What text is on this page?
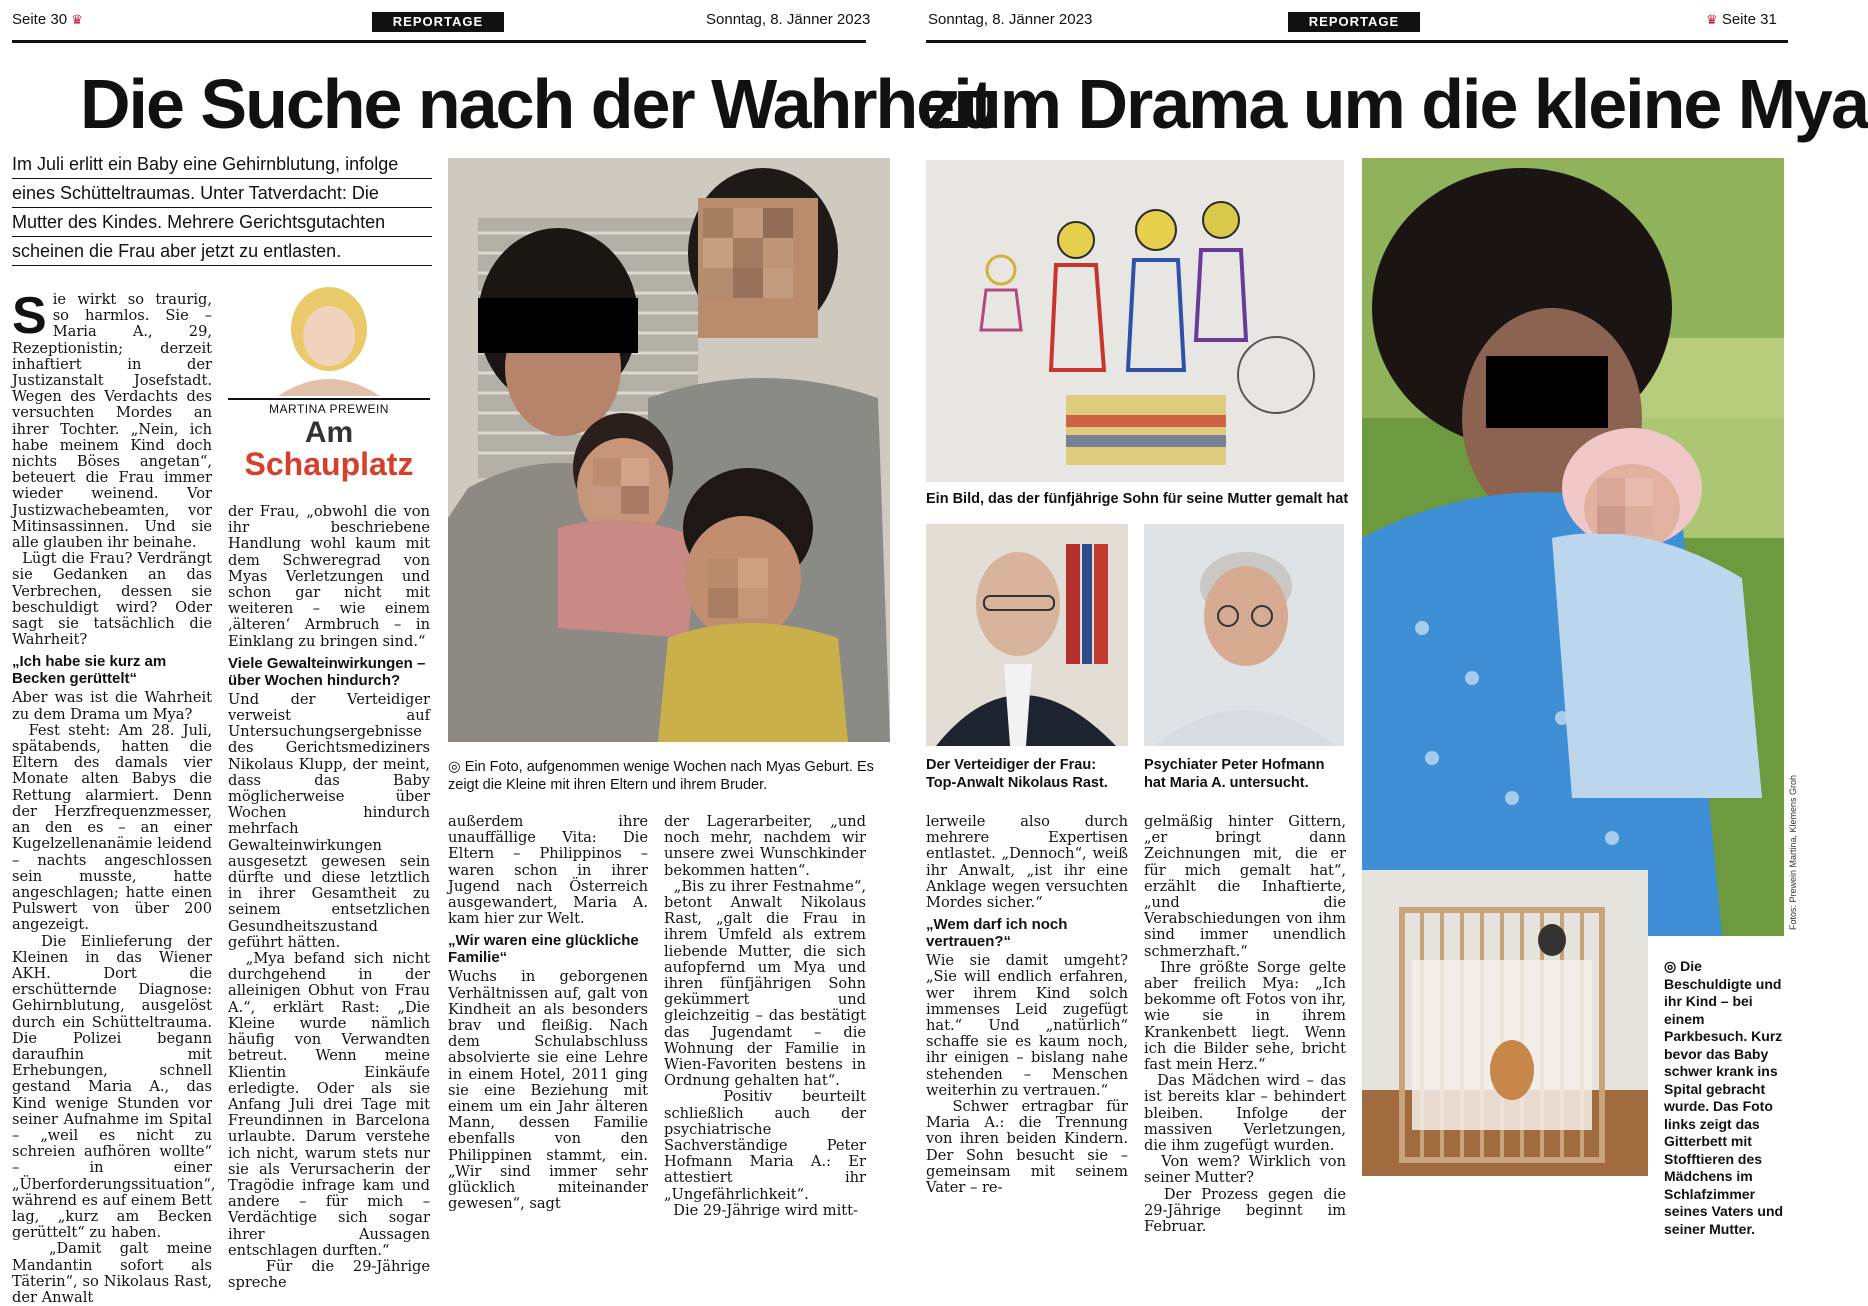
Seite 30 ♛	REPORTAGE	Sonntag, 8. Jänner 2023	Sonntag, 8. Jänner 2023	REPORTAGE	♛ Seite 31
Die Suche nach der Wahrheit
zum Drama um die kleine Mya
Im Juli erlitt ein Baby eine Gehirnblutung, infolge
eines Schütteltraumas. Unter Tatverdacht: Die
Mutter des Kindes. Mehrere Gerichtsgutachten
scheinen die Frau aber jetzt zu entlasten.
◎ Ein Foto, aufgenommen wenige Wochen nach Myas Geburt. Es zeigt die Kleine mit ihren Eltern und ihrem Bruder.
MARTINA PREWEIN
Am
Schauplatz

Sie wirkt so traurig, so harmlos. Sie – Maria A., 29, Rezeptionistin; derzeit inhaftiert in der Justizanstalt Josefstadt. Wegen des Verdachts des versuchten Mordes an ihrer Tochter. „Nein, ich habe meinem Kind doch nichts Böses angetan“, beteuert die Frau immer wieder weinend. Vor Justizwachebeamten, vor Mitinsassinnen. Und sie alle glauben ihr beinahe.

Lügt die Frau? Verdrängt sie Gedanken an das Verbrechen, dessen sie beschuldigt wird? Oder sagt sie tatsächlich die Wahrheit?

„Ich habe sie kurz am Becken gerüttelt“

Aber was ist die Wahrheit zu dem Drama um Mya?

Fest steht: Am 28. Juli, spätabends, hatten die Eltern des damals vier Monate alten Babys die Rettung alarmiert. Denn der Herzfrequenzmesser, an den es – an einer Kugelzellenanämie leidend – nachts angeschlossen sein musste, hatte angeschlagen; hatte einen Pulswert von über 200 angezeigt.

Die Einlieferung der Kleinen in das Wiener AKH. Dort die erschütternde Diagnose: Gehirnblutung, ausgelöst durch ein Schütteltrauma. Die Polizei begann daraufhin mit Erhebungen, schnell gestand Maria A., das Kind wenige Stunden vor seiner Aufnahme im Spital – „weil es nicht zu schreien aufhören wollte“ – in einer „Überforderungssituation“, während es auf einem Bett lag, „kurz am Becken gerüttelt“ zu haben.

„Damit galt meine Mandantin sofort als Täterin“, so Nikolaus Rast, der Anwalt

der Frau, „obwohl die von ihr beschriebene Handlung wohl kaum mit dem Schweregrad von Myas Verletzungen und schon gar nicht mit weiteren – wie einem ‚älteren‘ Armbruch – in Einklang zu bringen sind.“

Viele Gewalteinwirkungen – über Wochen hindurch?

Und der Verteidiger verweist auf Untersuchungsergebnisse des Gerichtsmediziners Nikolaus Klupp, der meint, dass das Baby möglicherweise über Wochen hindurch mehrfach Gewalteinwirkungen ausgesetzt gewesen sein dürfte und diese letztlich in ihrer Gesamtheit zu seinem entsetzlichen Gesundheitszustand geführt hätten.

„Mya befand sich nicht durchgehend in der alleinigen Obhut von Frau A.“, erklärt Rast: „Die Kleine wurde nämlich häufig von Verwandten betreut. Wenn meine Klientin Einkäufe erledigte. Oder als sie Anfang Juli drei Tage mit Freundinnen in Barcelona urlaubte. Darum verstehe ich nicht, warum stets nur sie als Verursacherin der Tragödie infrage kam und andere – für mich – Verdächtige sich sogar ihrer Aussagen entschlagen durften.“

Für die 29-Jährige spreche

außerdem ihre unauffällige Vita: Die Eltern – Philippinos – waren schon in ihrer Jugend nach Österreich ausgewandert, Maria A. kam hier zur Welt.

„Wir waren eine glückliche Familie“

Wuchs in geborgenen Verhältnissen auf, galt von Kindheit an als besonders brav und fleißig. Nach dem Schulabschluss absolvierte sie eine Lehre in einem Hotel, 2011 ging sie eine Beziehung mit einem um ein Jahr älteren Mann, dessen Familie ebenfalls von den Philippinen stammt, ein. „Wir sind immer sehr glücklich miteinander gewesen“, sagt

der Lagerarbeiter, „und noch mehr, nachdem wir unsere zwei Wunschkinder bekommen hatten“.

„Bis zu ihrer Festnahme“, betont Anwalt Nikolaus Rast, „galt die Frau in ihrem Umfeld als extrem liebende Mutter, die sich aufopfernd um Mya und ihren fünfjährigen Sohn gekümmert und gleichzeitig – das bestätigt das Jugendamt – die Wohnung der Familie in Wien-Favoriten bestens in Ordnung gehalten hat“.

Positiv beurteilt schließlich auch der psychiatrische Sachverständige Peter Hofmann Maria A.: Er attestiert ihr „Ungefährlichkeit“.

Die 29-Jährige wird mitt-

Ein Bild, das der fünfjährige Sohn für seine Mutter gemalt hat
Der Verteidiger der Frau:
Top-Anwalt Nikolaus Rast.
Psychiater Peter Hofmann
hat Maria A. untersucht.

lerweile also durch mehrere Expertisen entlastet. „Dennoch“, weiß ihr Anwalt, „ist ihr eine Anklage wegen versuchten Mordes sicher.“

„Wem darf ich noch vertrauen?“

Wie sie damit umgeht? „Sie will endlich erfahren, wer ihrem Kind solch immenses Leid zugefügt hat.“ Und „natürlich“ schaffe sie es kaum noch, ihr einigen – bislang nahe stehenden – Menschen weiterhin zu vertrauen.“

Schwer ertragbar für Maria A.: die Trennung von ihren beiden Kindern. Der Sohn besucht sie – gemeinsam mit seinem Vater – re-

gelmäßig hinter Gittern, „er bringt dann Zeichnungen mit, die er für mich gemalt hat“, erzählt die Inhaftierte, „und die Verabschiedungen von ihm sind immer unendlich schmerzhaft.“

Ihre größte Sorge gelte aber freilich Mya: „Ich bekomme oft Fotos von ihr, wie sie in ihrem Krankenbett liegt. Wenn ich die Bilder sehe, bricht fast mein Herz.“

Das Mädchen wird – das ist bereits klar – behindert bleiben. Infolge der massiven Verletzungen, die ihm zugefügt wurden.

Von wem? Wirklich von seiner Mutter?

Der Prozess gegen die 29-Jährige beginnt im Februar.

Fotos: Prewein Martina, Klemens Groh
◎ Die Beschuldigte und ihr Kind – bei einem Parkbesuch. Kurz bevor das Baby schwer krank ins Spital gebracht wurde. Das Foto links zeigt das Gitterbett mit Stofftieren des Mädchens im Schlafzimmer seines Vaters und seiner Mutter.
